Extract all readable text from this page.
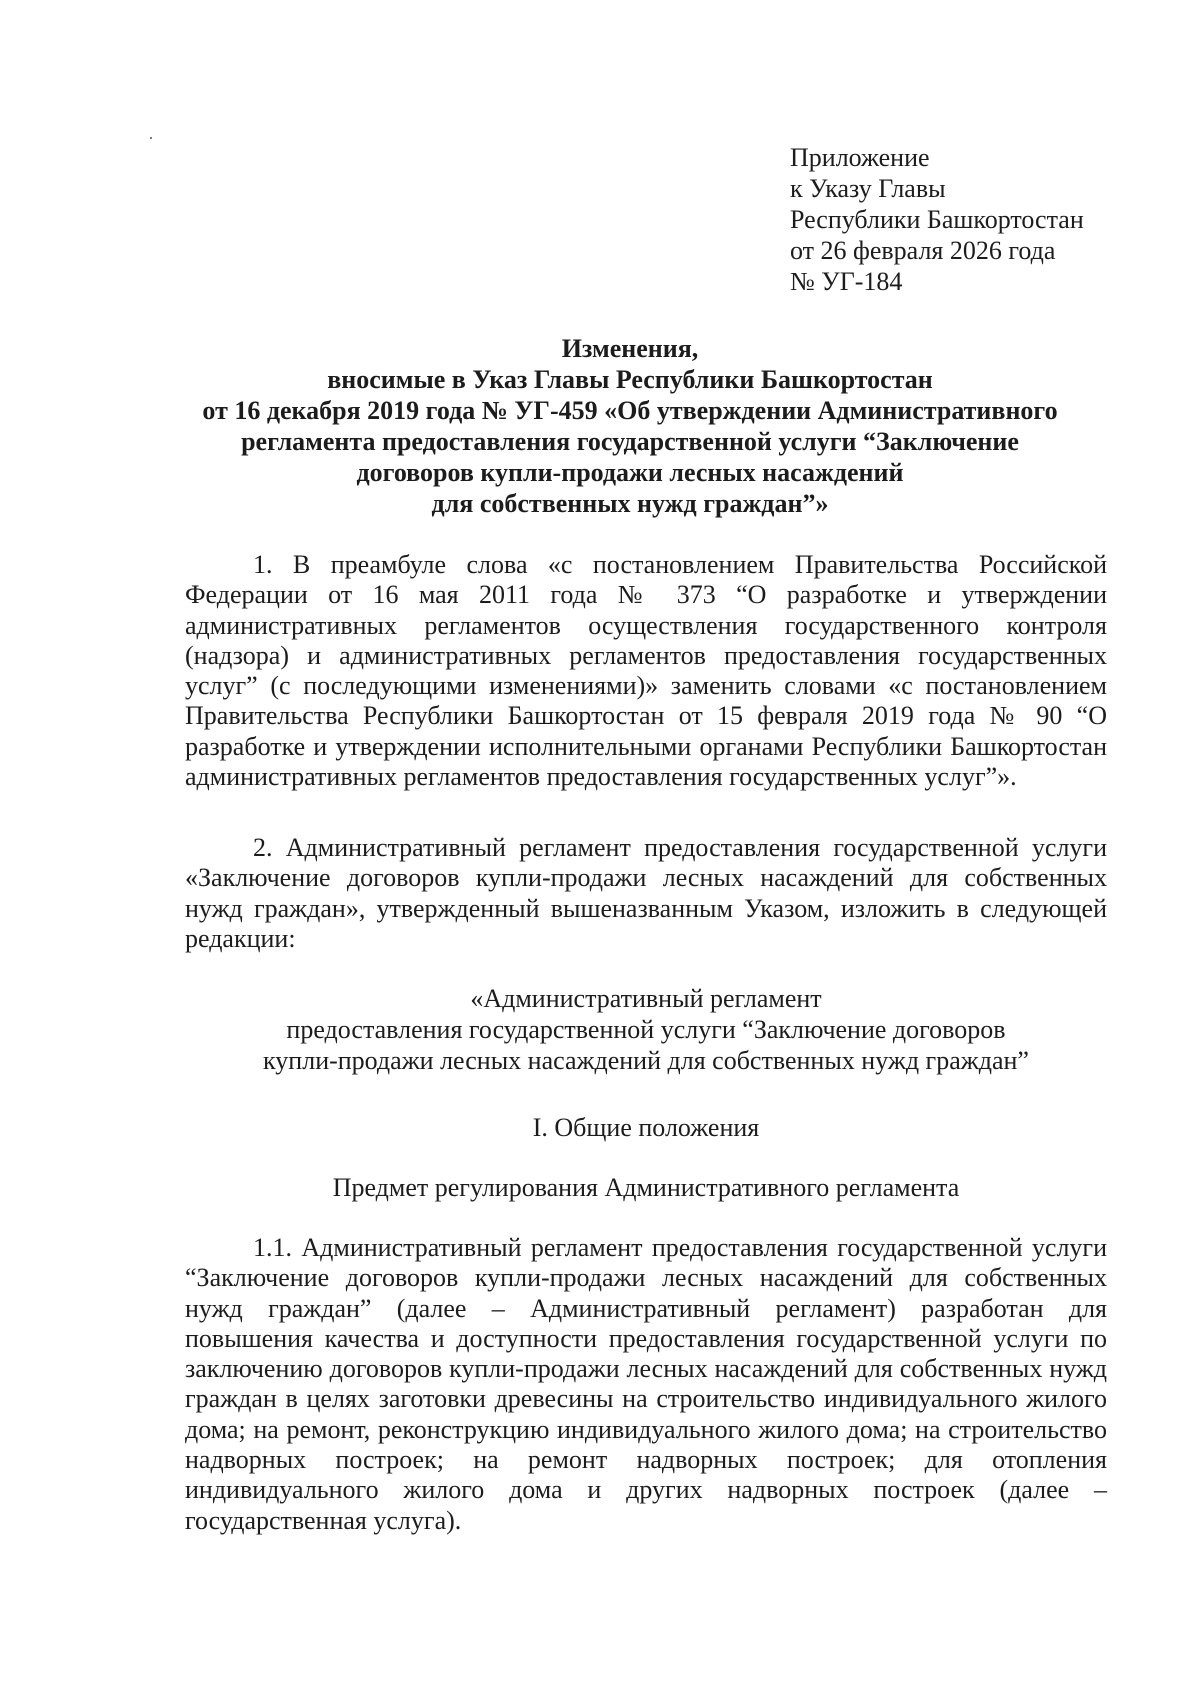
Приложение
к Указу Главы
Республики Башкортостан
от 26 февраля 2026 года
№ УГ-184
Изменения,
вносимые в Указ Главы Республики Башкортостан
от 16 декабря 2019 года № УГ-459 «Об утверждении Административного
регламента предоставления государственной услуги “Заключение
договоров купли-продажи лесных насаждений
для собственных нужд граждан”»

1. В преамбуле слова «с постановлением Правительства Российской Федерации от 16 мая 2011 года № 373 “О разработке и утверждении административных регламентов осуществления государственного контроля (надзора) и административных регламентов предоставления государственных услуг” (с последующими изменениями)» заменить словами «с постановлением Правительства Республики Башкортостан от 15 февраля 2019 года № 90 “О разработке и утверждении исполнительными органами Республики Башкортостан административных регламентов предоставления государственных услуг”».

2. Административный регламент предоставления государственной услуги «Заключение договоров купли-продажи лесных насаждений для собственных нужд граждан», утвержденный вышеназванным Указом, изложить в следующей редакции:

«Административный регламент
предоставления государственной услуги “Заключение договоров
купли-продажи лесных насаждений для собственных нужд граждан”
I. Общие положения
Предмет регулирования Административного регламента

1.1. Административный регламент предоставления государственной услуги “Заключение договоров купли-продажи лесных насаждений для собственных нужд граждан” (далее – Административный регламент) разработан для повышения качества и доступности предоставления государственной услуги по заключению договоров купли-продажи лесных насаждений для собственных нужд граждан в целях заготовки древесины на строительство индивидуального жилого дома; на ремонт, реконструкцию индивидуального жилого дома; на строительство надворных построек; на ремонт надворных построек; для отопления индивидуального жилого дома и других надворных построек (далее – государственная услуга).
